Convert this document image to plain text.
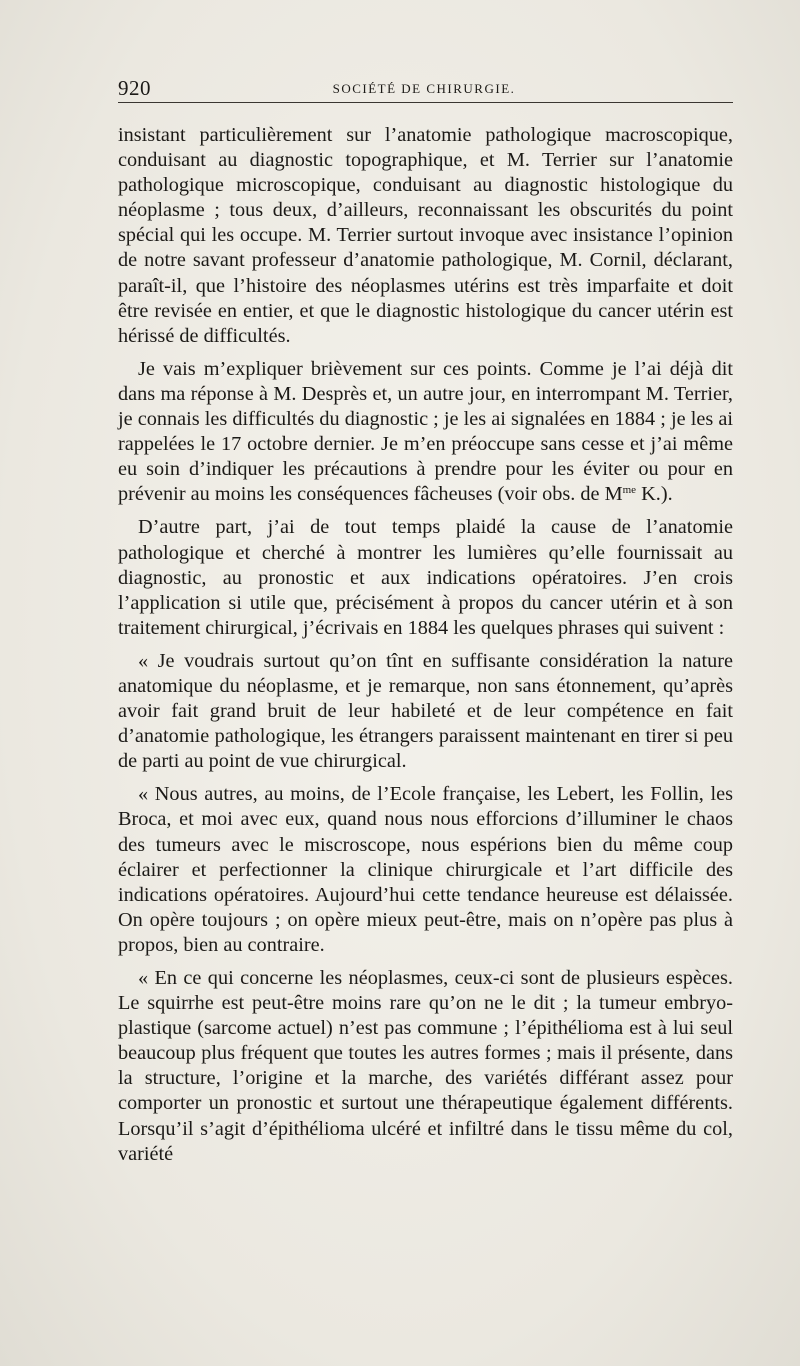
920	SOCIÉTÉ DE CHIRURGIE.

insistant particulièrement sur l’anatomie pathologique macroscopique, conduisant au diagnostic topographique, et M. Terrier sur l’anatomie pathologique microscopique, conduisant au diagnostic histologique du néoplasme ; tous deux, d’ailleurs, reconnaissant les obscurités du point spécial qui les occupe. M. Terrier surtout invoque avec insistance l’opinion de notre savant professeur d’anatomie pathologique, M. Cornil, déclarant, paraît-il, que l’histoire des néoplasmes utérins est très imparfaite et doit être revisée en entier, et que le diagnostic histologique du cancer utérin est hérissé de difficultés.

Je vais m’expliquer brièvement sur ces points. Comme je l’ai déjà dit dans ma réponse à M. Desprès et, un autre jour, en interrompant M. Terrier, je connais les difficultés du diagnostic ; je les ai signalées en 1884 ; je les ai rappelées le 17 octobre dernier. Je m’en préoccupe sans cesse et j’ai même eu soin d’indiquer les précautions à prendre pour les éviter ou pour en prévenir au moins les conséquences fâcheuses (voir obs. de $M^{me}$ K.).

D’autre part, j’ai de tout temps plaidé la cause de l’anatomie pathologique et cherché à montrer les lumières qu’elle fournissait au diagnostic, au pronostic et aux indications opératoires. J’en crois l’application si utile que, précisément à propos du cancer utérin et à son traitement chirurgical, j’écrivais en 1884 les quelques phrases qui suivent :

« Je voudrais surtout qu’on tînt en suffisante considération la nature anatomique du néoplasme, et je remarque, non sans étonnement, qu’après avoir fait grand bruit de leur habileté et de leur compétence en fait d’anatomie pathologique, les étrangers paraissent maintenant en tirer si peu de parti au point de vue chirurgical.

« Nous autres, au moins, de l’Ecole française, les Lebert, les Follin, les Broca, et moi avec eux, quand nous nous efforcions d’illuminer le chaos des tumeurs avec le miscroscope, nous espérions bien du même coup éclairer et perfectionner la clinique chirurgicale et l’art difficile des indications opératoires. Aujourd’hui cette tendance heureuse est délaissée. On opère toujours ; on opère mieux peut-être, mais on n’opère pas plus à propos, bien au contraire.

« En ce qui concerne les néoplasmes, ceux-ci sont de plusieurs espèces. Le squirrhe est peut-être moins rare qu’on ne le dit ; la tumeur embryo-plastique (sarcome actuel) n’est pas commune ; l’épithélioma est à lui seul beaucoup plus fréquent que toutes les autres formes ; mais il présente, dans la structure, l’origine et la marche, des variétés différant assez pour comporter un pronostic et surtout une thérapeutique également différents. Lorsqu’il s’agit d’épithélioma ulcéré et infiltré dans le tissu même du col, variété
